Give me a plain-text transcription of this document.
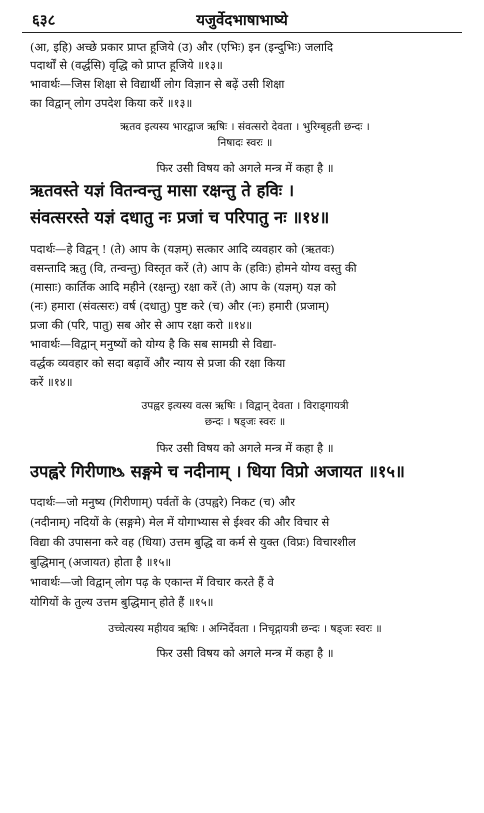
६३८	यजुर्वेदभाषाभाष्ये
(आ, इहि) अच्छे प्रकार प्राप्त हूजिये (उ) और (एभिः) इन (इन्दुभिः) जलादि
पदार्थों से (वर्द्धसि) वृद्धि को प्राप्त हूजिये ॥१३॥
भावार्थः—जिस शिक्षा से विद्यार्थी लोग विज्ञान से बढ़ें उसी शिक्षा
का विद्वान् लोग उपदेश किया करें ॥१३॥
ऋतव इत्यस्य भारद्वाज ऋषिः । संवत्सरो देवता । भुरिग्बृहती छन्दः ।
निषादः स्वरः ॥
फिर उसी विषय को अगले मन्त्र में कहा है ॥
ऋतवस्ते यज्ञं वितन्वन्तु मासा रक्षन्तु ते हविः ।
संवत्सरस्ते यज्ञं दधातु नः प्रजां च परिपातु नः ॥१४॥
पदार्थः—हे विद्वन् ! (ते) आप के (यज्ञम्) सत्कार आदि व्यवहार को (ऋतवः)
वसन्तादि ऋतु (वि, तन्वन्तु) विस्तृत करें (ते) आप के (हविः) होमने योग्य वस्तु की
(मासाः) कार्तिक आदि महीने (रक्षन्तु) रक्षा करें (ते) आप के (यज्ञम्) यज्ञ को
(नः) हमारा (संवत्सरः) वर्ष (दधातु) पुष्ट करे (च) और (नः) हमारी (प्रजाम्)
प्रजा की (परि, पातु) सब ओर से आप रक्षा करो ॥१४॥
भावार्थः—विद्वान् मनुष्यों को योग्य है कि सब सामग्री से विद्या-
वर्द्धक व्यवहार को सदा बढ़ावें और न्याय से प्रजा की रक्षा किया
करें ॥१४॥
उपह्वर इत्यस्य वत्स ऋषिः । विद्वान् देवता । विराड्गायत्री
छन्दः । षड्जः स्वरः ॥
फिर उसी विषय को अगले मन्त्र में कहा है ॥
उपह्वरे गिरीणाᳬ सङ्गमे च नदीनाम् । धिया विप्रो अजायत ॥१५॥
पदार्थः—जो मनुष्य (गिरीणाम्) पर्वतों के (उपह्वरे) निकट (च) और
(नदीनाम्) नदियों के (सङ्गमे) मेल में योगाभ्यास से ईश्वर की और विचार से
विद्या की उपासना करे वह (धिया) उत्तम बुद्धि वा कर्म से युक्त (विप्रः) विचारशील
बुद्धिमान् (अजायत) होता है ॥१५॥
भावार्थः—जो विद्वान् लोग पढ़ के एकान्त में विचार करते हैं वे
योगियों के तुल्य उत्तम बुद्धिमान् होते हैं ॥१५॥
उच्चेत्यस्य महीयव ऋषिः । अग्निर्देवता । निचृद्गायत्री छन्दः । षड्जः स्वरः ॥
फिर उसी विषय को अगले मन्त्र में कहा है ॥
